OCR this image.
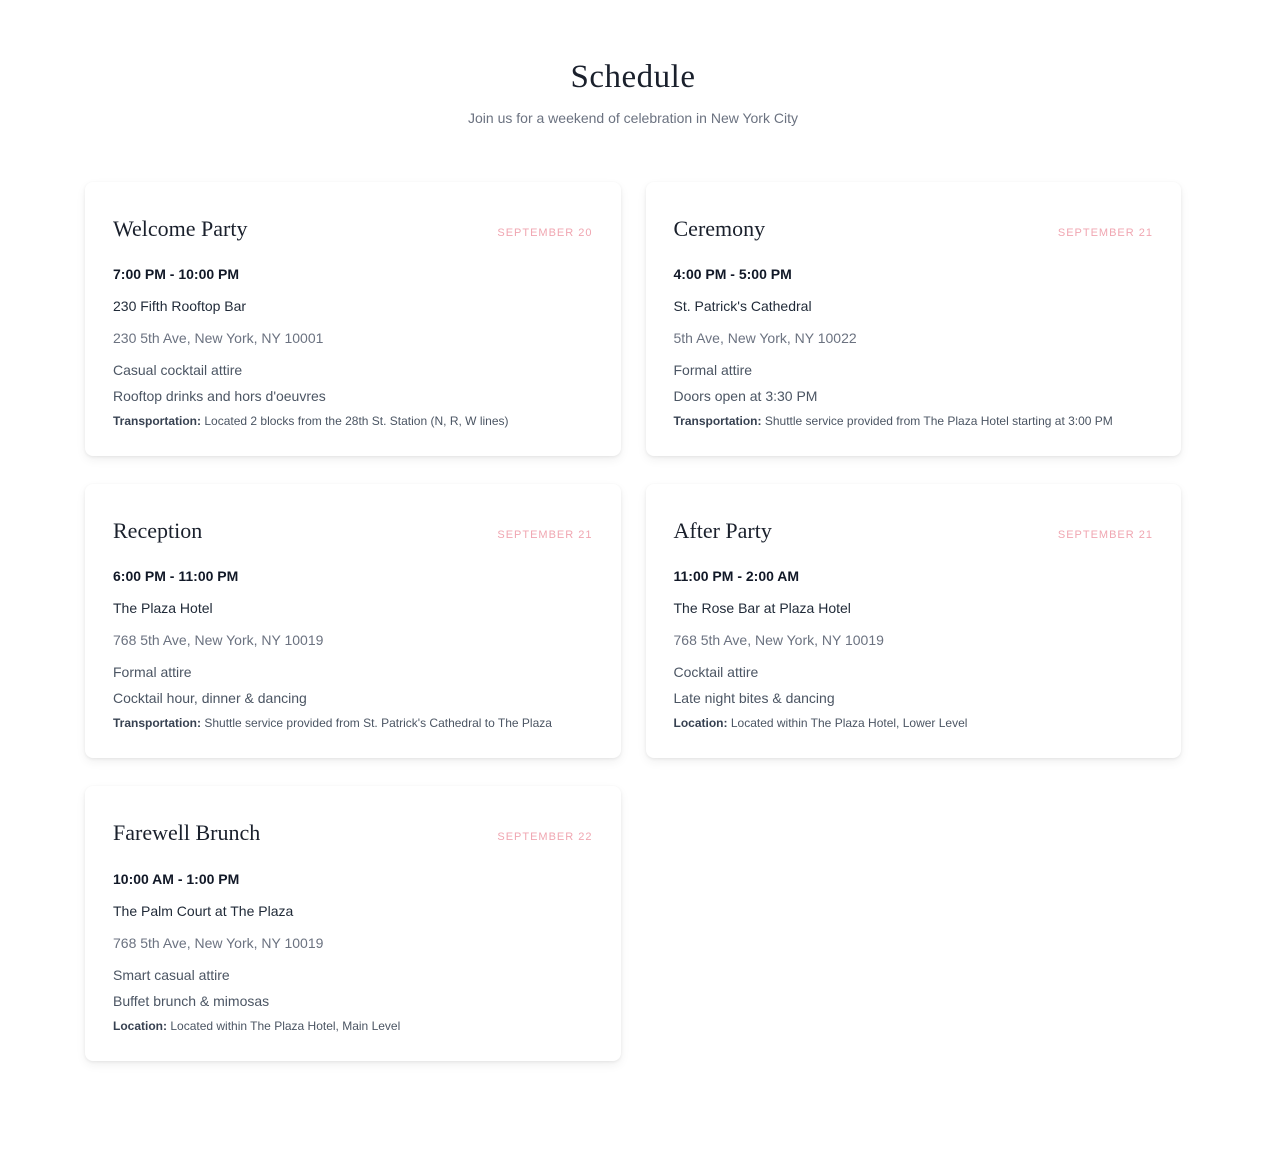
Schedule

Join us for a weekend of celebration in New York City

Welcome Party	SEPTEMBER 20

7:00 PM - 10:00 PM

230 Fifth Rooftop Bar

230 5th Ave, New York, NY 10001

Casual cocktail attire

Rooftop drinks and hors d'oeuvres

Transportation: Located 2 blocks from the 28th St. Station (N, R, W lines)

Ceremony	SEPTEMBER 21

4:00 PM - 5:00 PM

St. Patrick's Cathedral

5th Ave, New York, NY 10022

Formal attire

Doors open at 3:30 PM

Transportation: Shuttle service provided from The Plaza Hotel starting at 3:00 PM

Reception	SEPTEMBER 21

6:00 PM - 11:00 PM

The Plaza Hotel

768 5th Ave, New York, NY 10019

Formal attire

Cocktail hour, dinner & dancing

Transportation: Shuttle service provided from St. Patrick's Cathedral to The Plaza

After Party	SEPTEMBER 21

11:00 PM - 2:00 AM

The Rose Bar at Plaza Hotel

768 5th Ave, New York, NY 10019

Cocktail attire

Late night bites & dancing

Location: Located within The Plaza Hotel, Lower Level

Farewell Brunch	SEPTEMBER 22

10:00 AM - 1:00 PM

The Palm Court at The Plaza

768 5th Ave, New York, NY 10019

Smart casual attire

Buffet brunch & mimosas

Location: Located within The Plaza Hotel, Main Level
